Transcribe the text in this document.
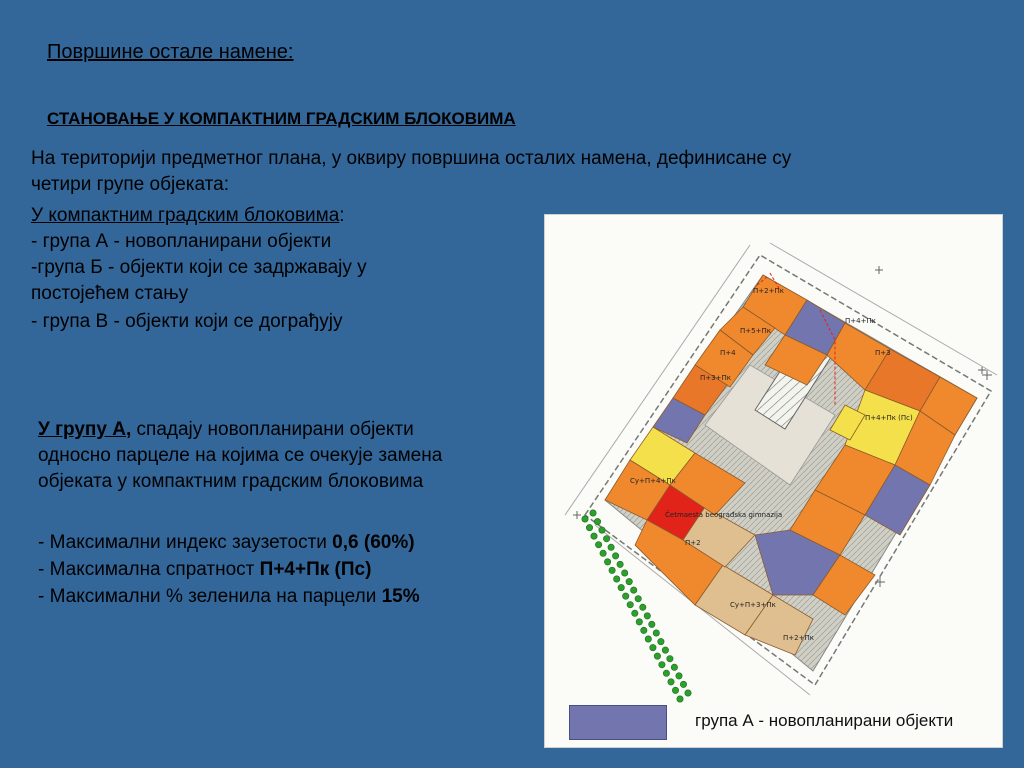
Површине остале намене:
СТАНОВАЊЕ У КОМПАКТНИМ ГРАДСКИМ БЛОКОВИМА
На територији предметног плана, у оквиру површина осталих намена, дефинисане су
четири групе објеката:
У компактним градским блоковима:
- група А - новопланирани објекти
-група Б - објекти који се задржавају у
постојећем стању
- група В - објекти који се дограђују
У групу А, спадају новопланирани објекти
односно парцеле на којима се очекује замена
објеката у компактним градским блоковима
- Максимални индекс заузетости 0,6 (60%)
- Максимална спратност П+4+Пк (Пс)
- Максимални % зеленила на парцели 15%
П+2+Пк
П+4+Пк
П+3
П+5+Пк
П+4
П+3+Пк
П+4+Пк (Пс)
Су+П+4+Пк
Čеtmaesta beograđska gimnazija
П+2
Су+П+3+Пк
П+2+Пк
група А - новопланирани објекти
